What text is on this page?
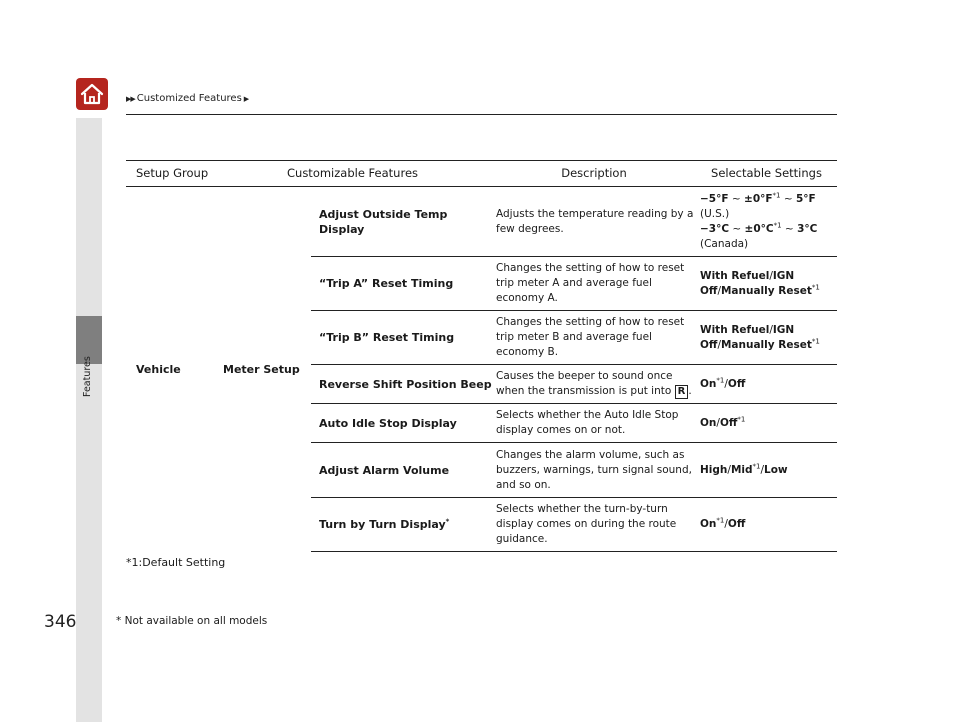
Features
▶▶ Customized Features ▶
Setup Group	Customizable Features		Description	Selectable Settings
Vehicle	Meter Setup	Adjust Outside Temp Display	Adjusts the temperature reading by a few degrees.	−5°F ~ $\pm 0^\circ F^{*1}$ ~ 5°F
(U.S.)
−3°C ~ $\pm 0^\circ C^{*1}$ ~ 3°C
(Canada)

		“Trip A” Reset Timing	Changes the setting of how to reset trip meter A and average fuel economy A.	With Refuel/IGN Off/Manually Reset$^{*1}$
		“Trip B” Reset Timing	Changes the setting of how to reset trip meter B and average fuel economy B.	With Refuel/IGN Off/Manually Reset$^{*1}$
		Reverse Shift Position Beep	Causes the beeper to sound once when the transmission is put into R .	On$^{*1}$/Off
		Auto Idle Stop Display	Selects whether the Auto Idle Stop display comes on or not.	On/Off$^{*1}$
		Adjust Alarm Volume	Changes the alarm volume, such as buzzers, warnings, turn signal sound, and so on.	High/Mid$^{*1}$/Low
		Turn by Turn Display*	Selects whether the turn-by-turn display comes on during the route guidance.	On$^{*1}$/Off
*1:Default Setting
346	* Not available on all models
